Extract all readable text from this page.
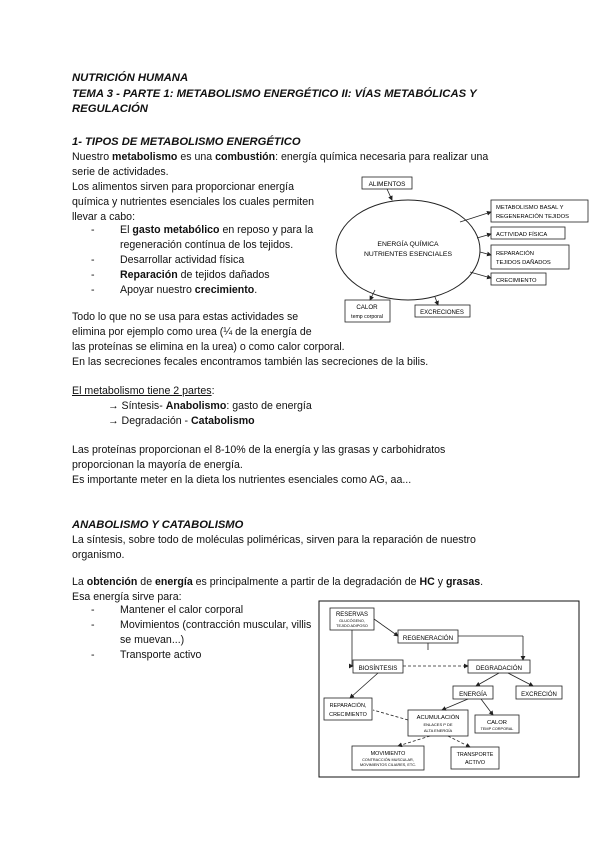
NUTRICIÓN HUMANA
TEMA 3 - PARTE 1: METABOLISMO ENERGÉTICO II: VÍAS METABÓLICAS Y
REGULACIÓN
1- TIPOS DE METABOLISMO ENERGÉTICO
Nuestro metabolismo es una combustión: energía química necesaria para realizar una
serie de actividades.
Los alimentos sirven para proporcionar energía
química y nutrientes esenciales los cuales permiten
llevar a cabo:
- El gasto metabólico en reposo y para la
regeneración contínua de los tejidos.
- Desarrollar actividad física
- Reparación de tejidos dañados
- Apoyar nuestro crecimiento.
Todo lo que no se usa para estas actividades se
elimina por ejemplo como urea (¼ de la energía de
las proteínas se elimina en la urea) o como calor corporal.
En las secreciones fecales encontramos también las secreciones de la bilis.
El metabolismo tiene 2 partes:
→ Síntesis- Anabolismo: gasto de energía
→ Degradación - Catabolismo
Las proteínas proporcionan el 8-10% de la energía y las grasas y carbohidratos
proporcionan la mayoría de energía.
Es importante meter en la dieta los nutrientes esenciales como AG, aa...
ENERGÍA QUÍMICA
NUTRIENTES ESENCIALES
ALIMENTOS
METABOLISMO BASAL Y
REGENERACIÓN TEJIDOS
ACTIVIDAD FÍSICA
REPARACIÓN
TEJIDOS DAÑADOS
CRECIMIENTO
CALOR
temp corporal
EXCRECIONES
ANABOLISMO Y CATABOLISMO
La síntesis, sobre todo de moléculas poliméricas, sirven para la reparación de nuestro
organismo.
La obtención de energía es principalmente a partir de la degradación de HC y grasas.
Esa energía sirve para:
- Mantener el calor corporal
- Movimientos (contracción muscular, villis
se muevan...)
- Transporte activo
RESERVAS
GLUCÓGENO,
TEJIDO ADIPOSO
REGENERACIÓN
BIOSÍNTESIS	DEGRADACIÓN
ENERGÍA	EXCRECIÓN
REPARACIÓN,
CRECIMIENTO	ACUMULACIÓN
ENLACES P DE
ALTA ENERGÍA
CALOR
TEMP CORPORAL
MOVIMIENTO
CONTRACCIÓN MUSCULAR,
MOVIMIENTOS CILIARES, ETC.
TRANSPORTE
ACTIVO
